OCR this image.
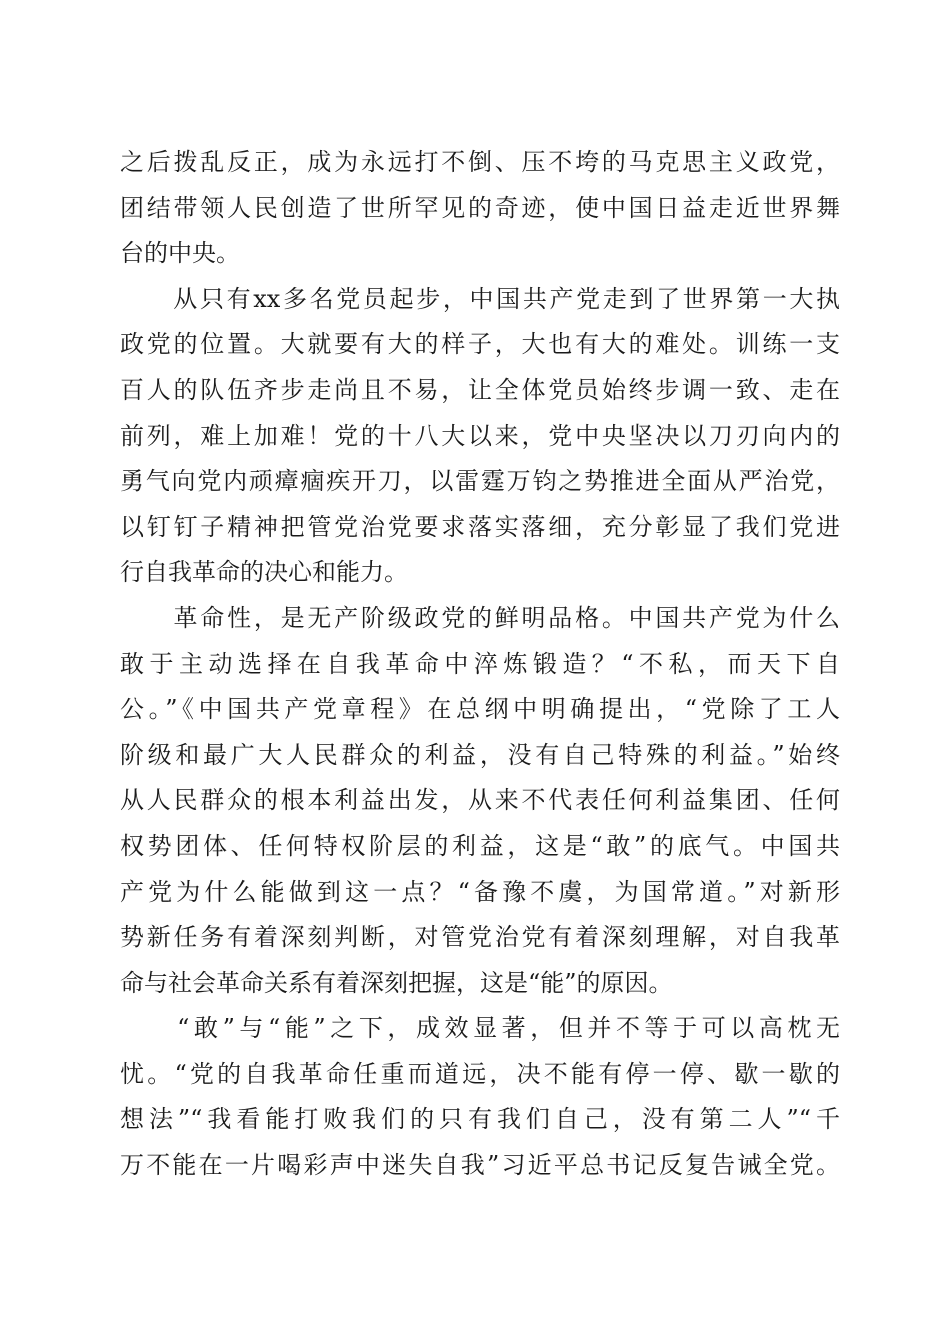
之后拨乱反正，成为永远打不倒、压不垮的马克思主义政党，
团结带领人民创造了世所罕见的奇迹，使中国日益走近世界舞
台的中央。
　　从只有xx多名党员起步，中国共产党走到了世界第一大执
政党的位置。大就要有大的样子，大也有大的难处。训练一支
百人的队伍齐步走尚且不易，让全体党员始终步调一致、走在
前列，难上加难！党的十八大以来，党中央坚决以刀刃向内的
勇气向党内顽瘴痼疾开刀，以雷霆万钧之势推进全面从严治党，
以钉钉子精神把管党治党要求落实落细，充分彰显了我们党进
行自我革命的决心和能力。
　　革命性，是无产阶级政党的鲜明品格。中国共产党为什么
敢于主动选择在自我革命中淬炼锻造？“不私，而天下自
公。”《中国共产党章程》在总纲中明确提出，“党除了工人
阶级和最广大人民群众的利益，没有自己特殊的利益。”始终
从人民群众的根本利益出发，从来不代表任何利益集团、任何
权势团体、任何特权阶层的利益，这是“敢”的底气。中国共
产党为什么能做到这一点？“备豫不虞，为国常道。”对新形
势新任务有着深刻判断，对管党治党有着深刻理解，对自我革
命与社会革命关系有着深刻把握，这是“能”的原因。
　　“敢”与“能”之下，成效显著，但并不等于可以高枕无
忧。“党的自我革命任重而道远，决不能有停一停、歇一歇的
想法”“我看能打败我们的只有我们自己，没有第二人”“千
万不能在一片喝彩声中迷失自我”习近平总书记反复告诫全党。
